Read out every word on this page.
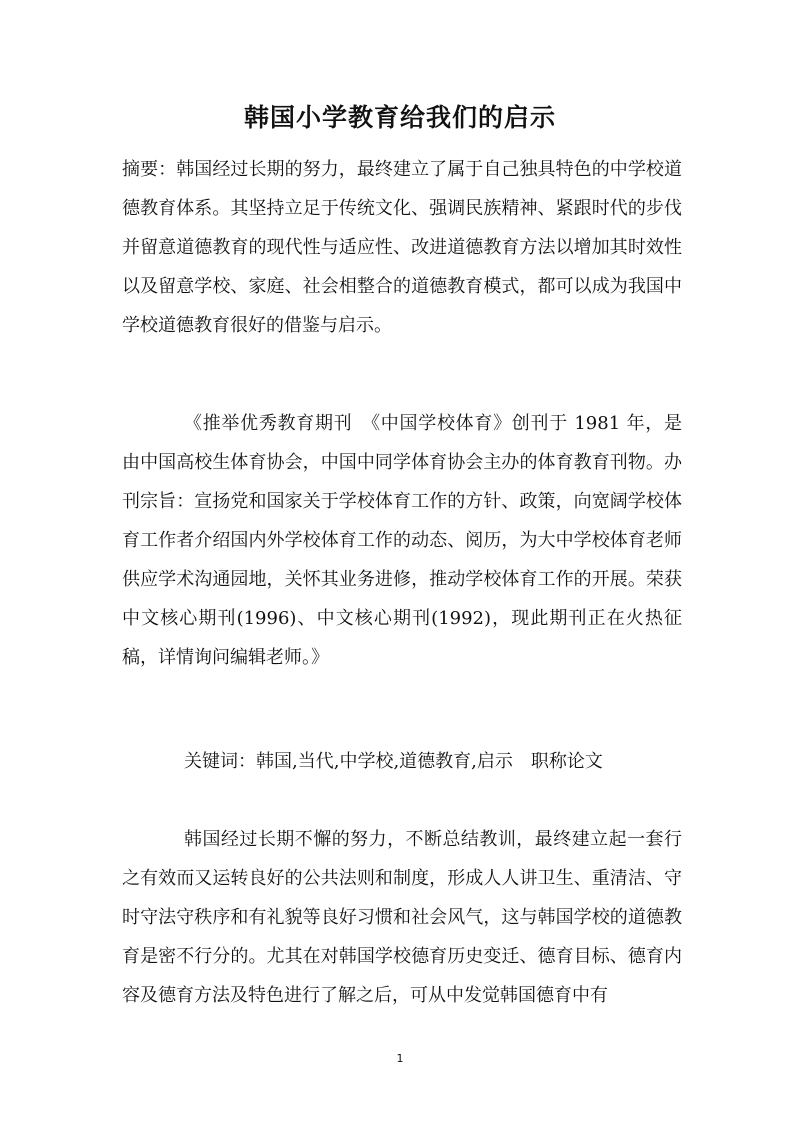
韩国小学教育给我们的启示

摘要：韩国经过长期的努力，最终建立了属于自己独具特色的中学校道德教育体系。其坚持立足于传统文化、强调民族精神、紧跟时代的步伐并留意道德教育的现代性与适应性、改进道德教育方法以增加其时效性以及留意学校、家庭、社会相整合的道德教育模式，都可以成为我国中学校道德教育很好的借鉴与启示。

《推举优秀教育期刊　《中国学校体育》创刊于 1981 年，是由中国高校生体育协会，中国中同学体育协会主办的体育教育刊物。办刊宗旨：宣扬党和国家关于学校体育工作的方针、政策，向宽阔学校体育工作者介绍国内外学校体育工作的动态、阅历，为大中学校体育老师供应学术沟通园地，关怀其业务进修，推动学校体育工作的开展。荣获中文核心期刊(1996)、中文核心期刊(1992)，现此期刊正在火热征稿，详情询问编辑老师。》

关键词：韩国,当代,中学校,道德教育,启示　职称论文

韩国经过长期不懈的努力，不断总结教训，最终建立起一套行之有效而又运转良好的公共法则和制度，形成人人讲卫生、重清洁、守时守法守秩序和有礼貌等良好习惯和社会风气，这与韩国学校的道德教育是密不行分的。尤其在对韩国学校德育历史变迁、德育目标、德育内容及德育方法及特色进行了解之后，可从中发觉韩国德育中有

1
